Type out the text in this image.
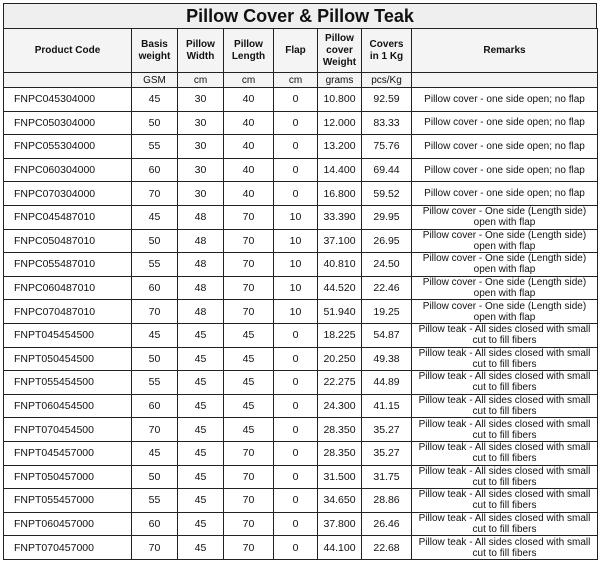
Pillow Cover & Pillow Teak
Product Code	Basis weight	Pillow Width	Pillow Length	Flap	Pillow cover Weight	Covers in 1 Kg	Remarks
	GSM	cm	cm	cm	grams	pcs/Kg	
FNPC045304000	45	30	40	0	10.800	92.59	Pillow cover - one side open; no flap
FNPC050304000	50	30	40	0	12.000	83.33	Pillow cover - one side open; no flap
FNPC055304000	55	30	40	0	13.200	75.76	Pillow cover - one side open; no flap
FNPC060304000	60	30	40	0	14.400	69.44	Pillow cover - one side open; no flap
FNPC070304000	70	30	40	0	16.800	59.52	Pillow cover - one side open; no flap
FNPC045487010	45	48	70	10	33.390	29.95	Pillow cover - One side (Length side) open with flap
FNPC050487010	50	48	70	10	37.100	26.95	Pillow cover - One side (Length side) open with flap
FNPC055487010	55	48	70	10	40.810	24.50	Pillow cover - One side (Length side) open with flap
FNPC060487010	60	48	70	10	44.520	22.46	Pillow cover - One side (Length side) open with flap
FNPC070487010	70	48	70	10	51.940	19.25	Pillow cover - One side (Length side) open with flap
FNPT045454500	45	45	45	0	18.225	54.87	Pillow teak - All sides closed with small cut to fill fibers
FNPT050454500	50	45	45	0	20.250	49.38	Pillow teak - All sides closed with small cut to fill fibers
FNPT055454500	55	45	45	0	22.275	44.89	Pillow teak - All sides closed with small cut to fill fibers
FNPT060454500	60	45	45	0	24.300	41.15	Pillow teak - All sides closed with small cut to fill fibers
FNPT070454500	70	45	45	0	28.350	35.27	Pillow teak - All sides closed with small cut to fill fibers
FNPT045457000	45	45	70	0	28.350	35.27	Pillow teak - All sides closed with small cut to fill fibers
FNPT050457000	50	45	70	0	31.500	31.75	Pillow teak - All sides closed with small cut to fill fibers
FNPT055457000	55	45	70	0	34.650	28.86	Pillow teak - All sides closed with small cut to fill fibers
FNPT060457000	60	45	70	0	37.800	26.46	Pillow teak - All sides closed with small cut to fill fibers
FNPT070457000	70	45	70	0	44.100	22.68	Pillow teak - All sides closed with small cut to fill fibers
